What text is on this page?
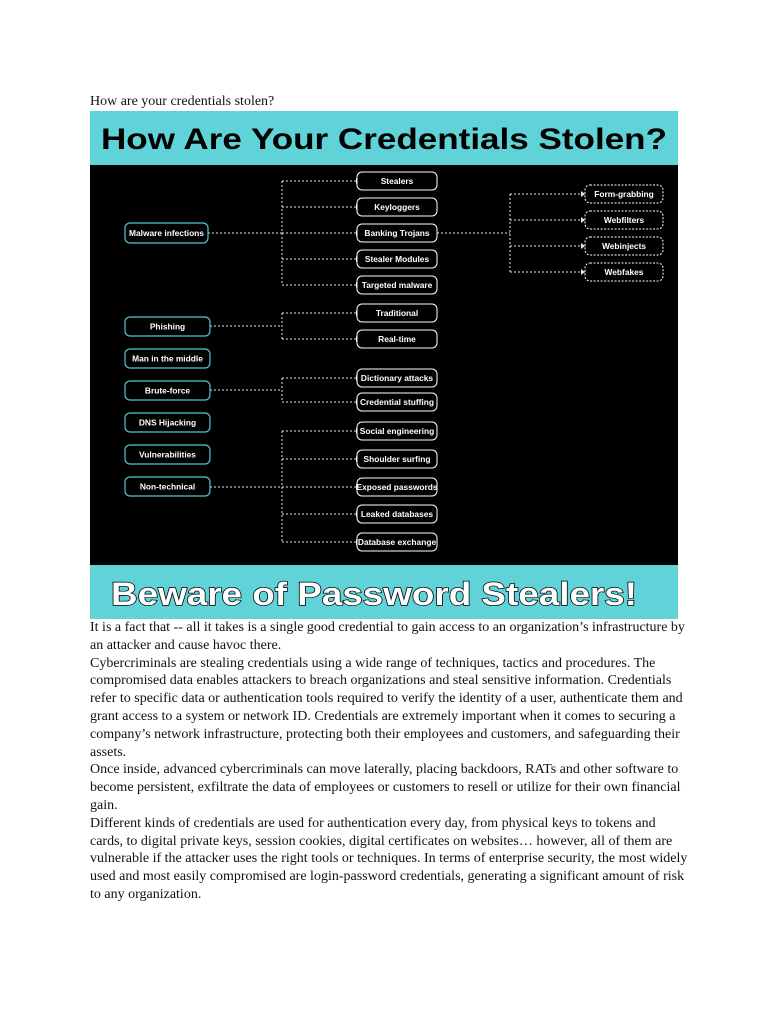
How are your credentials stolen?
How Are Your Credentials Stolen?
Beware of Password Stealers!
Malware infections
Phishing
Man in the middle
Brute-force
DNS Hijacking
Vulnerabilities
Non-technical
Stealers
Keyloggers
Banking Trojans
Stealer Modules
Targeted malware
Form-grabbing
Webfilters
Webinjects
Webfakes
Traditional
Real-time
Dictionary attacks
Credential stuffing
Social engineering
Shoulder surfing
Exposed passwords
Leaked databases
Database exchange

It is a fact that -- all it takes is a single good credential to gain access to an organization’s infrastructure by an attacker and cause havoc there.

Cybercriminals are stealing credentials using a wide range of techniques, tactics and procedures. The compromised data enables attackers to breach organizations and steal sensitive information. Credentials refer to specific data or authentication tools required to verify the identity of a user, authenticate them and grant access to a system or network ID. Credentials are extremely important when it comes to securing a company’s network infrastructure, protecting both their employees and customers, and safeguarding their assets.

Once inside, advanced cybercriminals can move laterally, placing backdoors, RATs and other software to become persistent, exfiltrate the data of employees or customers to resell or utilize for their own financial gain.

Different kinds of credentials are used for authentication every day, from physical keys to tokens and cards, to digital private keys, session cookies, digital certificates on websites… however, all of them are vulnerable if the attacker uses the right tools or techniques. In terms of enterprise security, the most widely used and most easily compromised are login-password credentials, generating a significant amount of risk to any organization.
